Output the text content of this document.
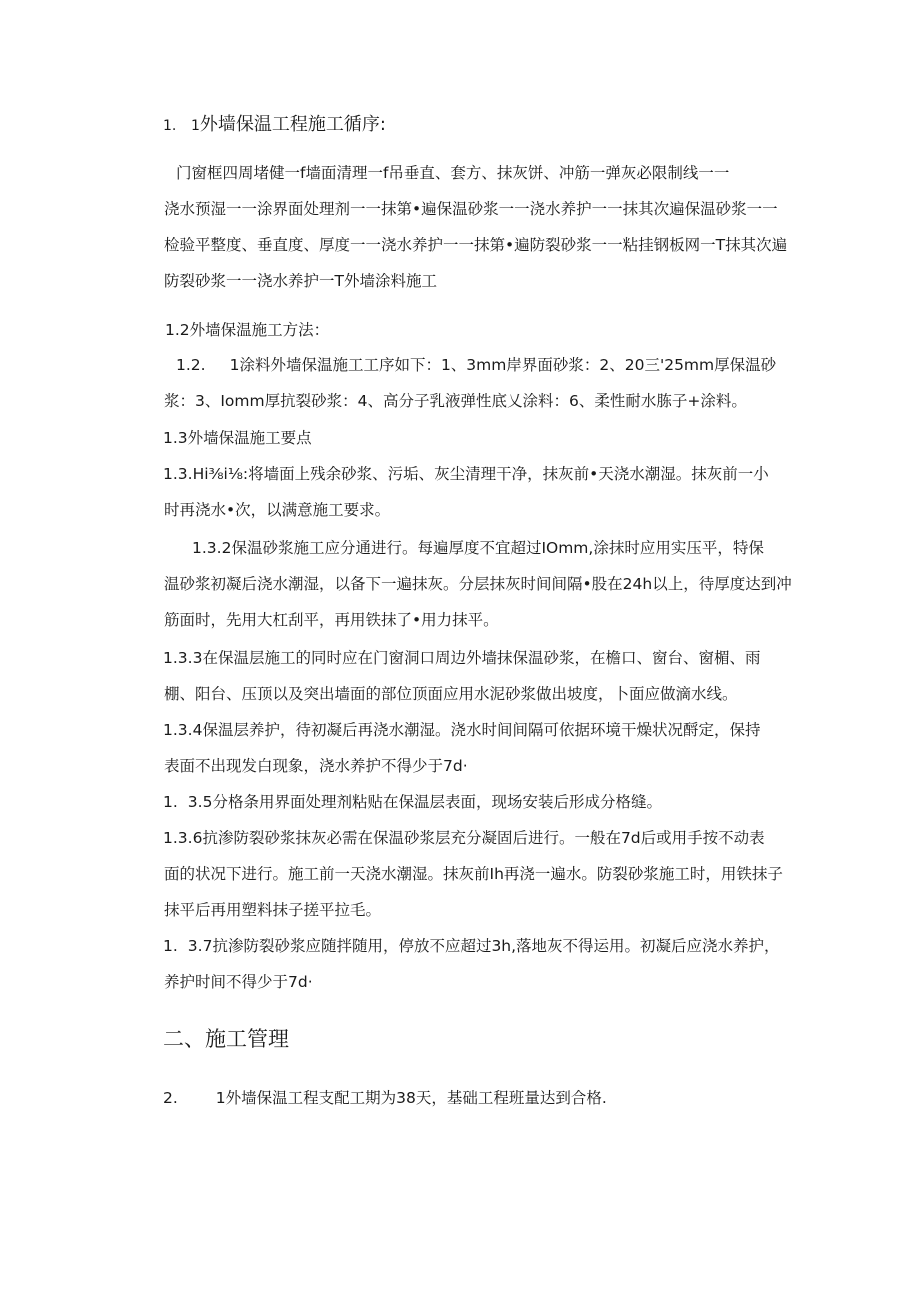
1. 1外墙保温工程施工循序:
门窗框四周堵健一f墙面清理一f吊垂直、套方、抹灰饼、冲筋一弹灰必限制线一一
浇水预湿一一涂界面处理剂一一抹第•遍保温砂浆一一浇水养护一一抹其次遍保温砂浆一一
检验平整度、垂直度、厚度一一浇水养护一一抹第•遍防裂砂浆一一粘挂钢板网一T抹其次遍
防裂砂浆一一浇水养护一T外墙涂料施工
1.2外墙保温施工方法：
1.2. 1涂料外墙保温施工工序如下：1、3mm岸界面砂浆：2、20三'25mm厚保温砂
浆：3、Iomm厚抗裂砂浆：4、高分子乳液弹性底乂涂料：6、柔性耐水胨子+涂料。
1.3外墙保温施工要点
1.3.Hi⅜i⅛:将墙面上残余砂浆、污垢、灰尘清理干净，抹灰前•天浇水潮湿。抹灰前一小
时再浇水•次，以满意施工要求。
1.3.2保温砂浆施工应分通进行。每遍厚度不宜超过IOmm,涂抹时应用实压平，特保
温砂浆初凝后浇水潮湿，以备下一遍抹灰。分层抹灰时间间隔•股在24h以上，待厚度达到冲
筋面时，先用大杠刮平，再用铁抹了•用力抹平。
1.3.3在保温层施工的同时应在门窗洞口周边外墙抹保温砂浆，在檐口、窗台、窗楣、雨
棚、阳台、压顶以及突出墙面的部位顶面应用水泥砂浆做出坡度，卜面应做滴水线。
1.3.4保温层养护，待初凝后再浇水潮湿。浇水时间间隔可依据环境干燥状况酹定，保持
表面不出现发白现象，浇水养护不得少于7d·
1. 3.5分格条用界面处理剂粘贴在保温层表面，现场安装后形成分格缝。
1.3.6抗渗防裂砂浆抹灰必需在保温砂浆层充分凝固后进行。一般在7d后或用手按不动表
面的状况下进行。施工前一天浇水潮湿。抹灰前Ih再浇一遍水。防裂砂浆施工时，用铁抹子
抹平后再用塑料抹子搓平拉毛。
1. 3.7抗渗防裂砂浆应随拌随用，停放不应超过3h,落地灰不得运用。初凝后应浇水养护，
养护时间不得少于7d·
二、施工管理
2. 1外墙保温工程支配工期为38天，基础工程班量达到合格.
